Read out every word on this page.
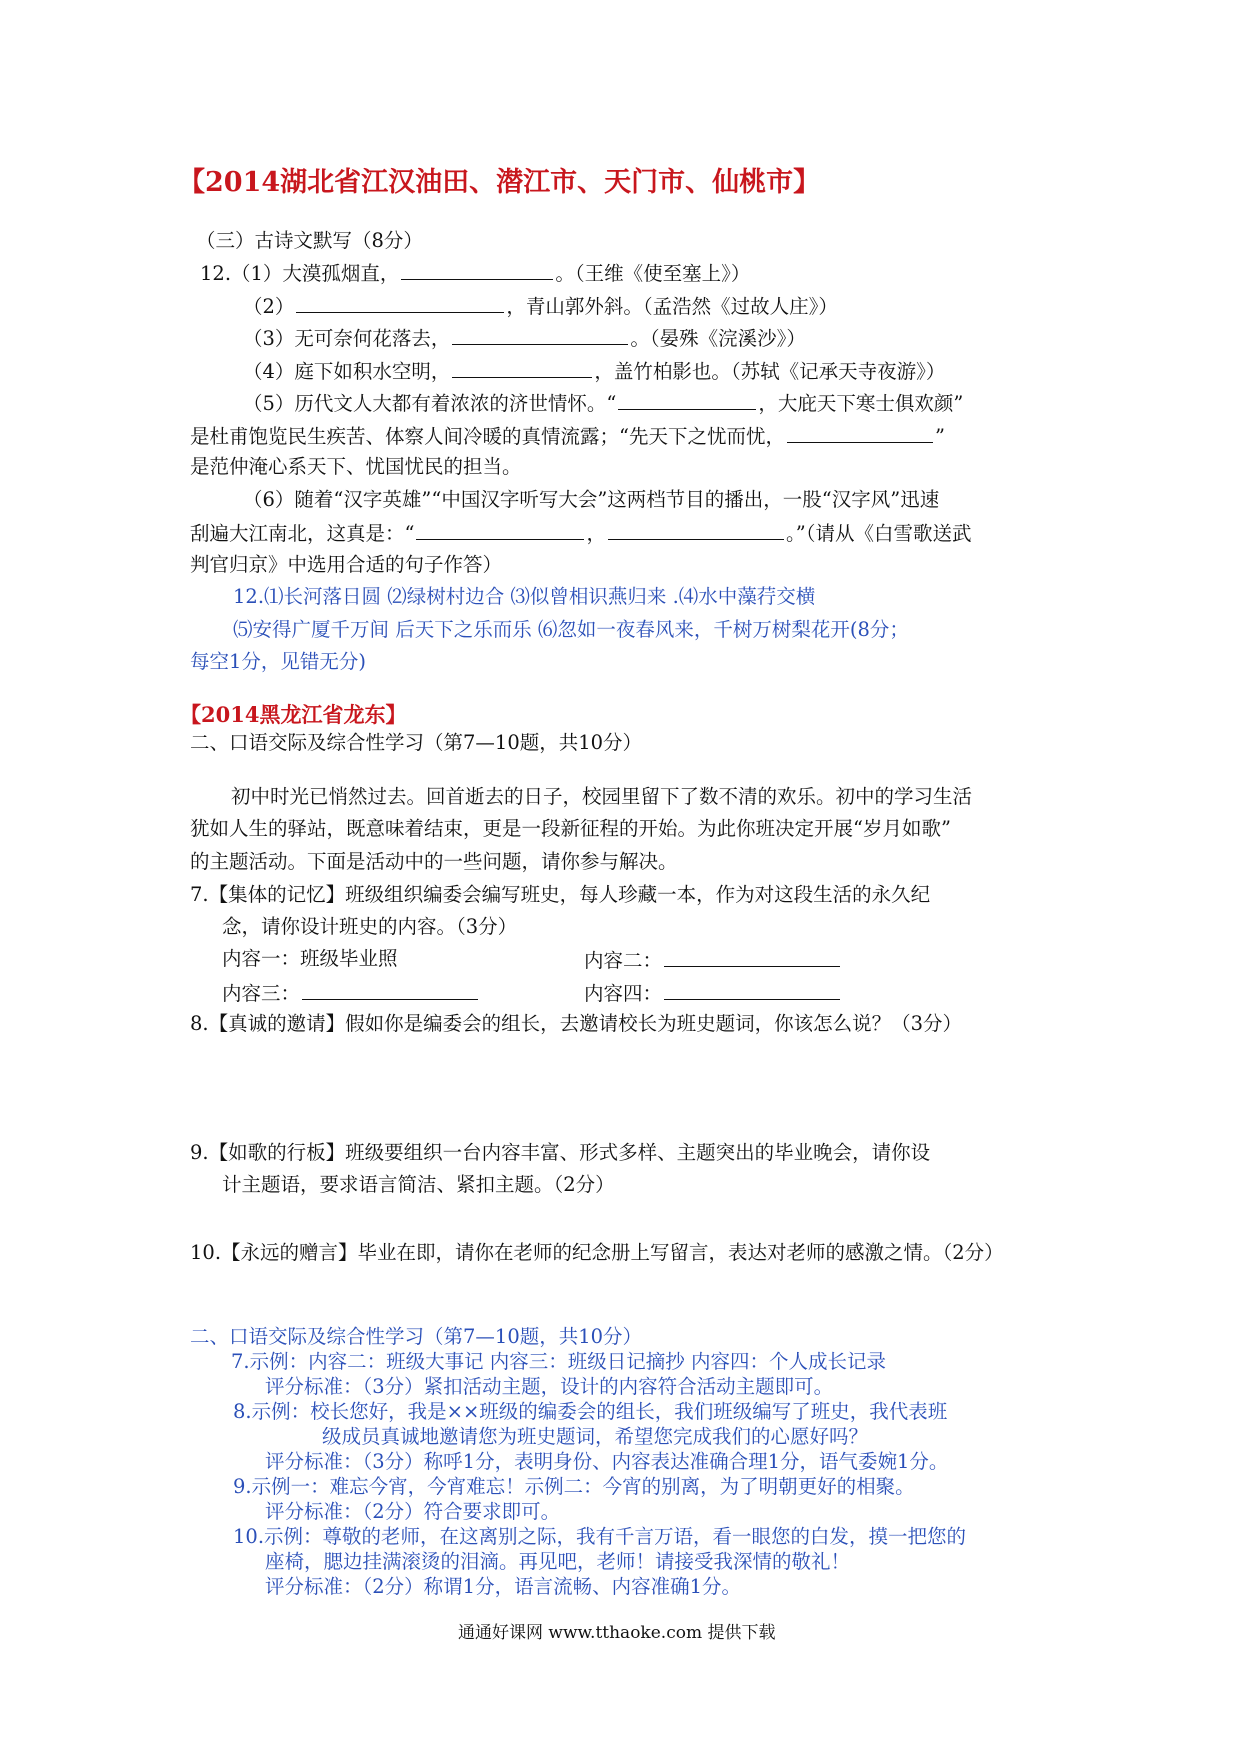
【2014湖北省江汉油田、潜江市、天门市、仙桃市】
（三）古诗文默写（8分）
12.（1）大漠孤烟直，	。（王维《使至塞上》）
（2）	，青山郭外斜。（孟浩然《过故人庄》）
（3）无可奈何花落去，	。（晏殊《浣溪沙》）
（4）庭下如积水空明，	，盖竹柏影也。（苏轼《记承天寺夜游》）
（5）历代文人大都有着浓浓的济世情怀。“	，大庇天下寒士俱欢颜”
是杜甫饱览民生疾苦、体察人间冷暖的真情流露；“先天下之忧而忧，	”
是范仲淹心系天下、忧国忧民的担当。
（6）随着“汉字英雄”“中国汉字听写大会”这两档节目的播出，一股“汉字风”迅速
刮遍大江南北，这真是：“	，	。”（请从《白雪歌送武
判官归京》中选用合适的句子作答）
12.⑴长河落日圆 ⑵绿树村边合 ⑶似曾相识燕归来 .⑷水中藻荇交横
⑸安得广厦千万间 后天下之乐而乐 ⑹忽如一夜春风来，千树万树梨花开(8分；
每空1分，见错无分)
【2014黑龙江省龙东】
二、口语交际及综合性学习（第7—10题，共10分）
初中时光已悄然过去。回首逝去的日子，校园里留下了数不清的欢乐。初中的学习生活
犹如人生的驿站，既意味着结束，更是一段新征程的开始。为此你班决定开展“岁月如歌”
的主题活动。下面是活动中的一些问题，请你参与解决。
7.【集体的记忆】班级组织编委会编写班史，每人珍藏一本，作为对这段生活的永久纪
念，请你设计班史的内容。（3分）
内容一：班级毕业照	内容二：
内容三：	内容四：
8.【真诚的邀请】假如你是编委会的组长，去邀请校长为班史题词，你该怎么说？（3分）
9.【如歌的行板】班级要组织一台内容丰富、形式多样、主题突出的毕业晚会，请你设
计主题语，要求语言简洁、紧扣主题。（2分）
10.【永远的赠言】毕业在即，请你在老师的纪念册上写留言，表达对老师的感激之情。（2分）
二、口语交际及综合性学习（第7—10题，共10分）
7.示例：内容二：班级大事记 内容三：班级日记摘抄 内容四：个人成长记录
评分标准：（3分）紧扣活动主题，设计的内容符合活动主题即可。
8.示例：校长您好，我是××班级的编委会的组长，我们班级编写了班史，我代表班
级成员真诚地邀请您为班史题词，希望您完成我们的心愿好吗？
评分标准：（3分）称呼1分，表明身份、内容表达准确合理1分，语气委婉1分。
9.示例一：难忘今宵，今宵难忘！示例二：今宵的别离，为了明朝更好的相聚。
评分标准：（2分）符合要求即可。
10.示例：尊敬的老师，在这离别之际，我有千言万语，看一眼您的白发，摸一把您的
座椅，腮边挂满滚烫的泪滴。再见吧，老师！请接受我深情的敬礼！
评分标准：（2分）称谓1分，语言流畅、内容准确1分。
通通好课网 www.tthaoke.com 提供下载
